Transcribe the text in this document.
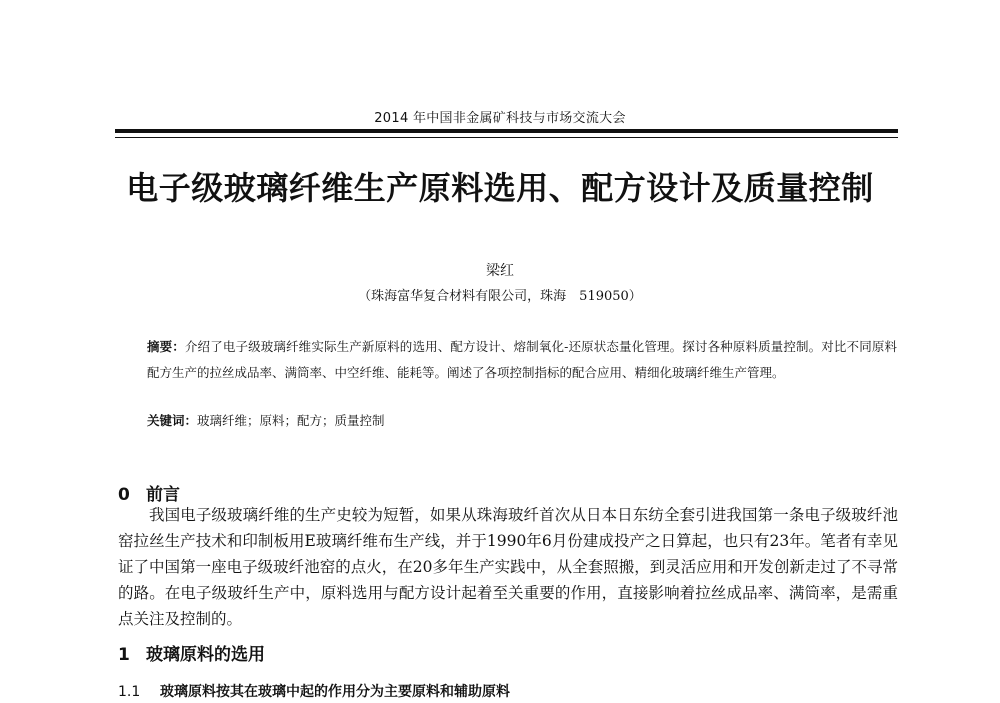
2014 年中国非金属矿科技与市场交流大会
电子级玻璃纤维生产原料选用、配方设计及质量控制
梁红
（珠海富华复合材料有限公司，珠海　519050）
摘要：介绍了电子级玻璃纤维实际生产新原料的选用、配方设计、熔制氧化-还原状态量化管理。探讨各种原料质量控制。对比不同原料配方生产的拉丝成品率、满筒率、中空纤维、能耗等。阐述了各项控制指标的配合应用、精细化玻璃纤维生产管理。
关键词：玻璃纤维；原料；配方；质量控制
0 前言
我国电子级玻璃纤维的生产史较为短暂，如果从珠海玻纤首次从日本日东纺全套引进我国第一条电子级玻纤池窑拉丝生产技术和印制板用E玻璃纤维布生产线，并于1990年6月份建成投产之日算起，也只有23年。笔者有幸见证了中国第一座电子级玻纤池窑的点火，在20多年生产实践中，从全套照搬，到灵活应用和开发创新走过了不寻常的路。在电子级玻纤生产中，原料选用与配方设计起着至关重要的作用，直接影响着拉丝成品率、满筒率，是需重点关注及控制的。
1 玻璃原料的选用
1.1 玻璃原料按其在玻璃中起的作用分为主要原料和辅助原料
